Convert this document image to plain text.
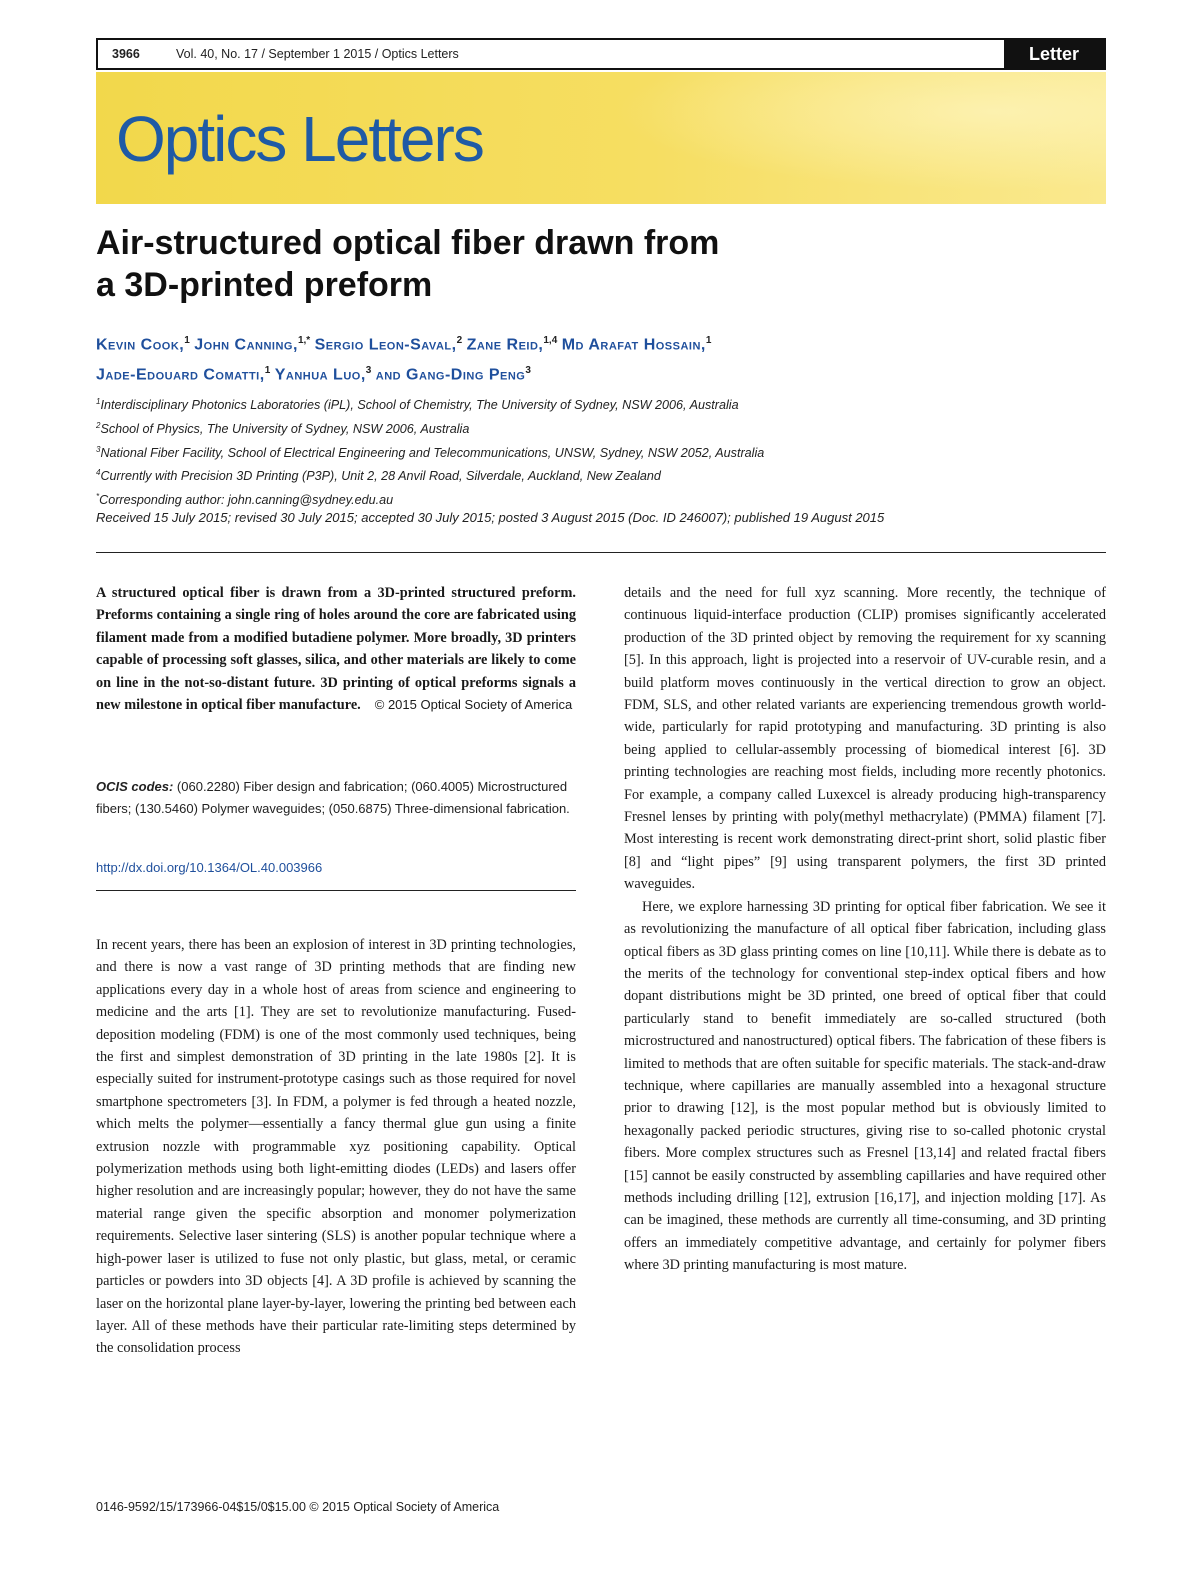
3966	Vol. 40, No. 17 / September 1 2015 / Optics Letters	Letter
Optics Letters
Air-structured optical fiber drawn from
a 3D-printed preform
Kevin Cook,$^1$ John Canning,$^{1,*}$ Sergio Leon-Saval,$^2$ Zane Reid,$^{1,4}$ Md Arafat Hossain,$^1$
Jade-Edouard Comatti,$^1$ Yanhua Luo,$^3$ and Gang-Ding Peng$^3$
$^1$Interdisciplinary Photonics Laboratories (iPL), School of Chemistry, The University of Sydney, NSW 2006, Australia
$^2$School of Physics, The University of Sydney, NSW 2006, Australia
$^3$National Fiber Facility, School of Electrical Engineering and Telecommunications, UNSW, Sydney, NSW 2052, Australia
$^4$Currently with Precision 3D Printing (P3P), Unit 2, 28 Anvil Road, Silverdale, Auckland, New Zealand
*Corresponding author: john.canning@sydney.edu.au
Received 15 July 2015; revised 30 July 2015; accepted 30 July 2015; posted 3 August 2015 (Doc. ID 246007); published 19 August 2015
A structured optical fiber is drawn from a 3D-printed structured preform. Preforms containing a single ring of holes around the core are fabricated using filament made from a modified butadiene polymer. More broadly, 3D printers capable of processing soft glasses, silica, and other materials are likely to come on line in the not-so-distant future. 3D printing of optical preforms signals a new milestone in optical fiber manufacture. © 2015 Optical Society of America
OCIS codes: (060.2280) Fiber design and fabrication; (060.4005) Microstructured fibers; (130.5460) Polymer waveguides; (050.6875) Three-dimensional fabrication.
http://dx.doi.org/10.1364/OL.40.003966

In recent years, there has been an explosion of interest in 3D printing technologies, and there is now a vast range of 3D printing methods that are finding new applications every day in a whole host of areas from science and engineering to medicine and the arts [1]. They are set to revolutionize manufacturing. Fused-deposition modeling (FDM) is one of the most commonly used techniques, being the first and simplest demonstration of 3D printing in the late 1980s [2]. It is especially suited for instrument-prototype casings such as those required for novel smartphone spectrometers [3]. In FDM, a polymer is fed through a heated nozzle, which melts the polymer—essentially a fancy thermal glue gun using a finite extrusion nozzle with programmable xyz positioning capability. Optical polymerization methods using both light-emitting diodes (LEDs) and lasers offer higher resolution and are increasingly popular; however, they do not have the same material range given the specific absorption and monomer polymerization requirements. Selective laser sintering (SLS) is another popular technique where a high-power laser is utilized to fuse not only plastic, but glass, metal, or ceramic particles or powders into 3D objects [4]. A 3D profile is achieved by scanning the laser on the horizontal plane layer-by-layer, lowering the printing bed between each layer. All of these methods have their particular rate-limiting steps determined by the consolidation process

details and the need for full xyz scanning. More recently, the technique of continuous liquid-interface production (CLIP) promises significantly accelerated production of the 3D printed object by removing the requirement for xy scanning [5]. In this approach, light is projected into a reservoir of UV-curable resin, and a build platform moves continuously in the vertical direction to grow an object. FDM, SLS, and other related variants are experiencing tremendous growth world-wide, particularly for rapid prototyping and manufacturing. 3D printing is also being applied to cellular-assembly processing of biomedical interest [6]. 3D printing technologies are reaching most fields, including more recently photonics. For example, a company called Luxexcel is already producing high-transparency Fresnel lenses by printing with poly(methyl methacrylate) (PMMA) filament [7]. Most interesting is recent work demonstrating direct-print short, solid plastic fiber [8] and “light pipes” [9] using transparent polymers, the first 3D printed waveguides.

Here, we explore harnessing 3D printing for optical fiber fabrication. We see it as revolutionizing the manufacture of all optical fiber fabrication, including glass optical fibers as 3D glass printing comes on line [10,11]. While there is debate as to the merits of the technology for conventional step-index optical fibers and how dopant distributions might be 3D printed, one breed of optical fiber that could particularly stand to benefit immediately are so-called structured (both microstructured and nanostructured) optical fibers. The fabrication of these fibers is limited to methods that are often suitable for specific materials. The stack-and-draw technique, where capillaries are manually assembled into a hexagonal structure prior to drawing [12], is the most popular method but is obviously limited to hexagonally packed periodic structures, giving rise to so-called photonic crystal fibers. More complex structures such as Fresnel [13,14] and related fractal fibers [15] cannot be easily constructed by assembling capillaries and have required other methods including drilling [12], extrusion [16,17], and injection molding [17]. As can be imagined, these methods are currently all time-consuming, and 3D printing offers an immediately competitive advantage, and certainly for polymer fibers where 3D printing manufacturing is most mature.

0146-9592/15/173966-04$15/0$15.00 © 2015 Optical Society of America
